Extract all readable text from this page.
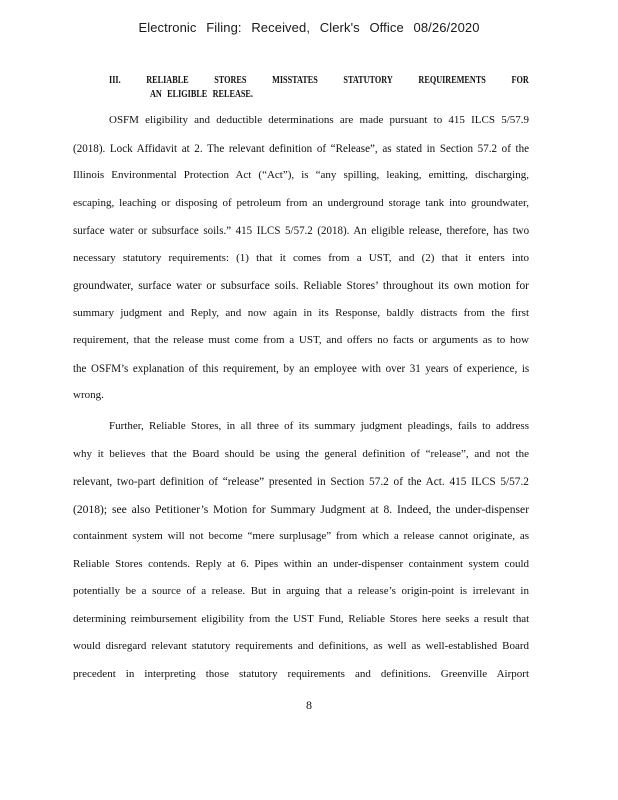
Electronic Filing: Received, Clerk's Office 08/26/2020
III.	RELIABLE	STORES	MISSTATES	STATUTORY	REQUIREMENTS	FOR
AN ELIGIBLE RELEASE.
OSFM eligibility and deductible determinations are made pursuant to 415 ILCS 5/57.9
(2018). Lock Affidavit at 2. The relevant definition of “Release”, as stated in Section 57.2 of the
Illinois Environmental Protection Act (“Act”), is “any spilling, leaking, emitting, discharging,
escaping, leaching or disposing of petroleum from an underground storage tank into groundwater,
surface water or subsurface soils.” 415 ILCS 5/57.2 (2018). An eligible release, therefore, has two
necessary statutory requirements: (1) that it comes from a UST, and (2) that it enters into
groundwater, surface water or subsurface soils. Reliable Stores’ throughout its own motion for
summary judgment and Reply, and now again in its Response, baldly distracts from the first
requirement, that the release must come from a UST, and offers no facts or arguments as to how
the OSFM’s explanation of this requirement, by an employee with over 31 years of experience, is
wrong.
Further, Reliable Stores, in all three of its summary judgment pleadings, fails to address
why it believes that the Board should be using the general definition of “release”, and not the
relevant, two-part definition of “release” presented in Section 57.2 of the Act. 415 ILCS 5/57.2
(2018); see also Petitioner’s Motion for Summary Judgment at 8. Indeed, the under-dispenser
containment system will not become “mere surplusage” from which a release cannot originate, as
Reliable Stores contends. Reply at 6. Pipes within an under-dispenser containment system could
potentially be a source of a release. But in arguing that a release’s origin-point is irrelevant in
determining reimbursement eligibility from the UST Fund, Reliable Stores here seeks a result that
would disregard relevant statutory requirements and definitions, as well as well-established Board
precedent in interpreting those statutory requirements and definitions. Greenville Airport
8
